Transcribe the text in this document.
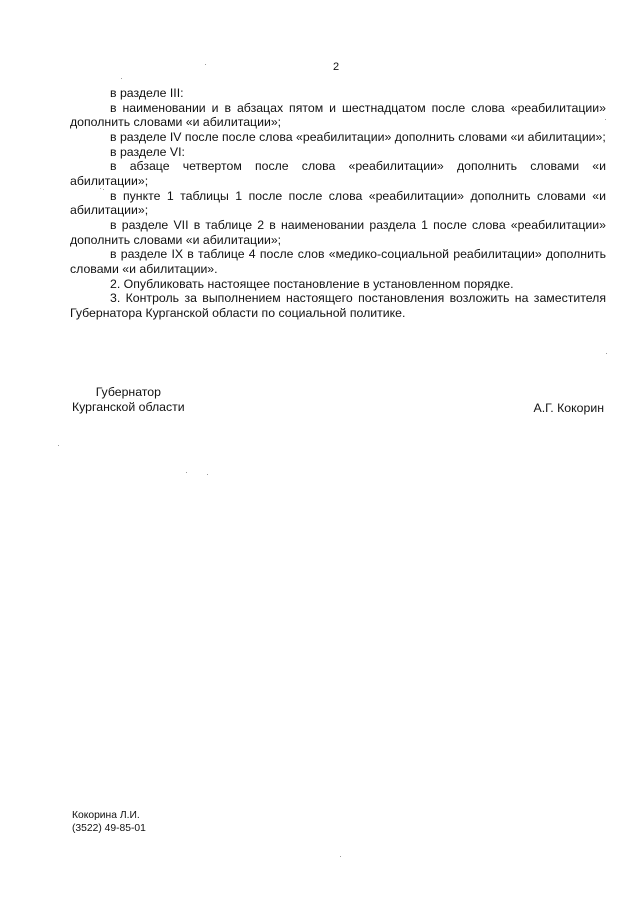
2

в разделе III:

в наименовании и в абзацах пятом и шестнадцатом после слова «реабилитации» дополнить словами «и абилитации»;

в разделе IV после после слова «реабилитации» дополнить словами «и абилитации»;

в разделе VI:

в абзаце четвертом после слова «реабилитации» дополнить словами «и абилитации»;

в пункте 1 таблицы 1 после после слова «реабилитации» дополнить словами «и абилитации»;

в разделе VII в таблице 2 в наименовании раздела 1 после слова «реабилитации» дополнить словами «и абилитации»;

в разделе IX в таблице 4 после слов «медико-социальной реабилитации» дополнить словами «и абилитации».

2. Опубликовать настоящее постановление в установленном порядке.

3. Контроль за выполнением настоящего постановления возложить на заместителя Губернатора Курганской области по социальной политике.

Губернатор
Курганской области	А.Г. Кокорин
Кокорина Л.И.
(3522) 49-85-01
